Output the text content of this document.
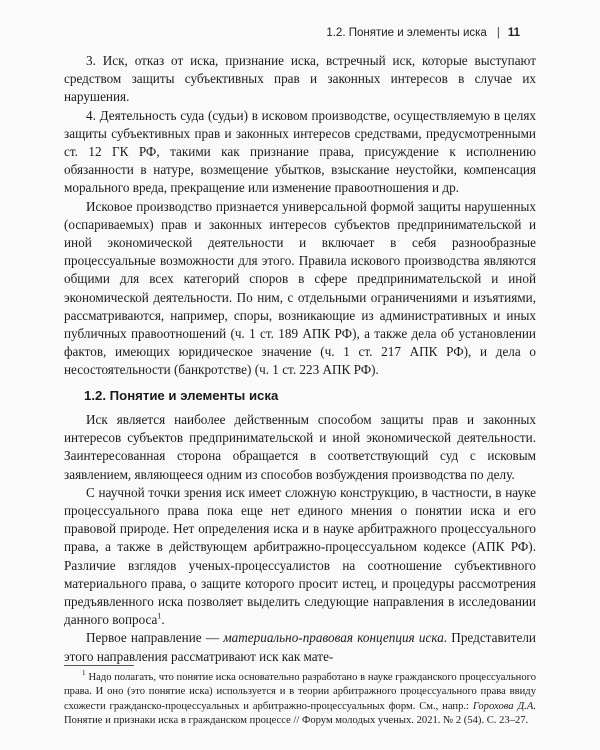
1.2. Понятие и элементы иска | 11

3. Иск, отказ от иска, признание иска, встречный иск, которые выступают средством защиты субъективных прав и законных интересов в случае их нарушения.

4. Деятельность суда (судьи) в исковом производстве, осуществляемую в целях защиты субъективных прав и законных интересов средствами, предусмотренными ст. 12 ГК РФ, такими как признание права, присуждение к исполнению обязанности в натуре, возмещение убытков, взыскание неустойки, компенсация морального вреда, прекращение или изменение правоотношения и др.

Исковое производство признается универсальной формой защиты нарушенных (оспариваемых) прав и законных интересов субъектов предпринимательской и иной экономической деятельности и включает в себя разнообразные процессуальные возможности для этого. Правила искового производства являются общими для всех категорий споров в сфере предпринимательской и иной экономической деятельности. По ним, с отдельными ограничениями и изъятиями, рассматриваются, например, споры, возникающие из административных и иных публичных правоотношений (ч. 1 ст. 189 АПК РФ), а также дела об установлении фактов, имеющих юридическое значение (ч. 1 ст. 217 АПК РФ), и дела о несостоятельности (банкротстве) (ч. 1 ст. 223 АПК РФ).

1.2. Понятие и элементы иска

Иск является наиболее действенным способом защиты прав и законных интересов субъектов предпринимательской и иной экономической деятельности. Заинтересованная сторона обращается в соответствующий суд с исковым заявлением, являющееся одним из способов возбуждения производства по делу.

С научной точки зрения иск имеет сложную конструкцию, в частности, в науке процессуального права пока еще нет единого мнения о понятии иска и его правовой природе. Нет определения иска и в науке арбитражного процессуального права, а также в действующем арбитражно-процессуальном кодексе (АПК РФ). Различие взглядов ученых-процессуалистов на соотношение субъективного материального права, о защите которого просит истец, и процедуры рассмотрения предъявленного иска позволяет выделить следующие направления в исследовании данного вопроса$^1$.

Первое направление — материально-правовая концепция иска. Представители этого направления рассматривают иск как мате-

$^1$ Надо полагать, что понятие иска основательно разработано в науке гражданского процессуального права. И оно (это понятие иска) используется и в теории арбитражного процессуального права ввиду схожести гражданско-процессуальных и арбитражно-процессуальных форм. См., напр.: Горохова Д.А. Понятие и признаки иска в гражданском процессе // Форум молодых ученых. 2021. № 2 (54). С. 23–27.
